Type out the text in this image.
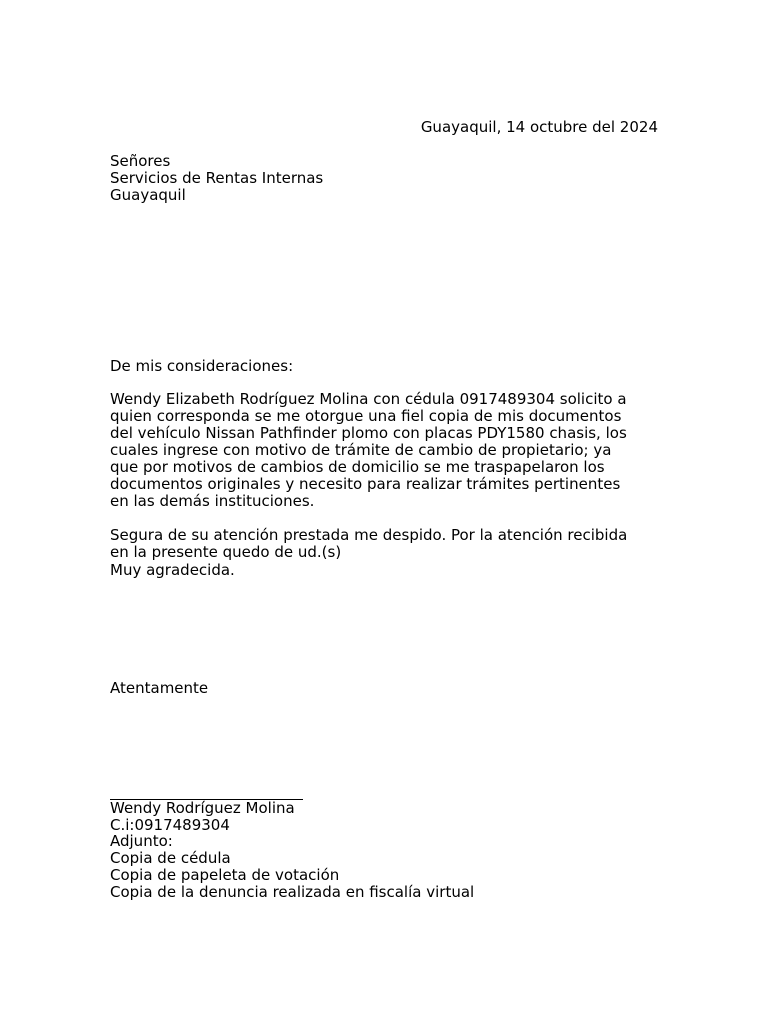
Guayaquil, 14 octubre del 2024
Señores
Servicios de Rentas Internas
Guayaquil
De mis consideraciones:
Wendy Elizabeth Rodríguez Molina con cédula 0917489304 solicito a
quien corresponda se me otorgue una fiel copia de mis documentos
del vehículo Nissan Pathfinder plomo con placas PDY1580 chasis, los
cuales ingrese con motivo de trámite de cambio de propietario; ya
que por motivos de cambios de domicilio se me traspapelaron los
documentos originales y necesito para realizar trámites pertinentes
en las demás instituciones.
Segura de su atención prestada me despido. Por la atención recibida
en la presente quedo de ud.(s)
Muy agradecida.
Atentamente
Wendy Rodríguez Molina
C.i:0917489304
Adjunto:
Copia de cédula
Copia de papeleta de votación
Copia de la denuncia realizada en fiscalía virtual
